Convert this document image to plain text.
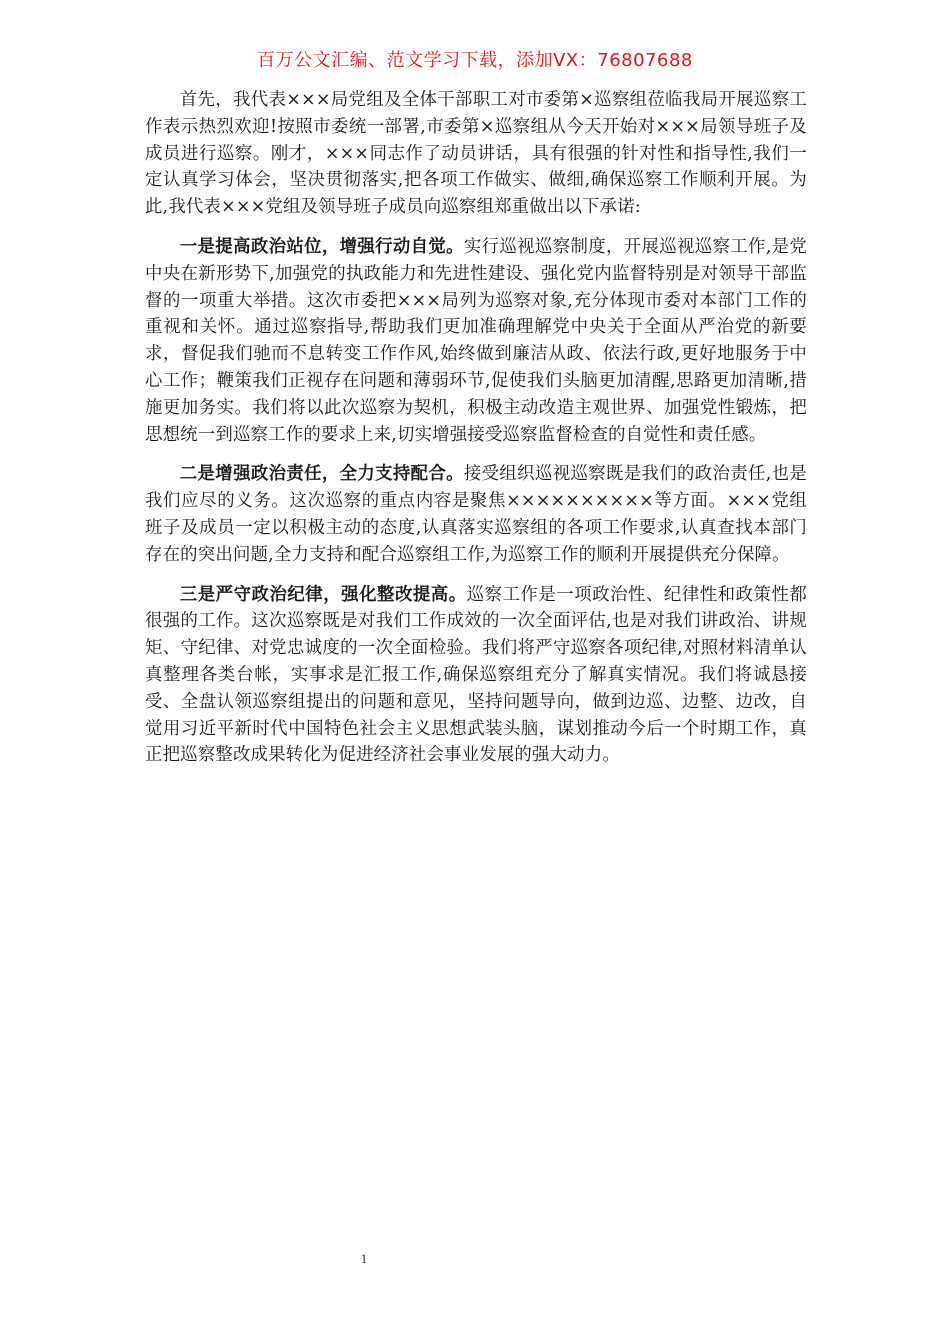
百万公文汇编、范文学习下载，添加VX：76807688

首先，我代表×××局党组及全体干部职工对市委第×巡察组莅临我局开展巡察工作表示热烈欢迎!按照市委统一部署,市委第×巡察组从今天开始对×××局领导班子及成员进行巡察。刚才，×××同志作了动员讲话，具有很强的针对性和指导性,我们一定认真学习体会，坚决贯彻落实,把各项工作做实、做细,确保巡察工作顺利开展。为此,我代表×××党组及领导班子成员向巡察组郑重做出以下承诺:

一是提高政治站位，增强行动自觉。实行巡视巡察制度，开展巡视巡察工作,是党中央在新形势下,加强党的执政能力和先进性建设、强化党内监督特别是对领导干部监督的一项重大举措。这次市委把×××局列为巡察对象,充分体现市委对本部门工作的重视和关怀。通过巡察指导,帮助我们更加准确理解党中央关于全面从严治党的新要求，督促我们驰而不息转变工作作风,始终做到廉洁从政、依法行政,更好地服务于中心工作；鞭策我们正视存在问题和薄弱环节,促使我们头脑更加清醒,思路更加清晰,措施更加务实。我们将以此次巡察为契机，积极主动改造主观世界、加强党性锻炼，把思想统一到巡察工作的要求上来,切实增强接受巡察监督检查的自觉性和责任感。

二是增强政治责任，全力支持配合。接受组织巡视巡察既是我们的政治责任,也是我们应尽的义务。这次巡察的重点内容是聚焦××××××××××等方面。×××党组班子及成员一定以积极主动的态度,认真落实巡察组的各项工作要求,认真查找本部门存在的突出问题,全力支持和配合巡察组工作,为巡察工作的顺利开展提供充分保障。

三是严守政治纪律，强化整改提高。巡察工作是一项政治性、纪律性和政策性都很强的工作。这次巡察既是对我们工作成效的一次全面评估,也是对我们讲政治、讲规矩、守纪律、对党忠诚度的一次全面检验。我们将严守巡察各项纪律,对照材料清单认真整理各类台帐，实事求是汇报工作,确保巡察组充分了解真实情况。我们将诚恳接受、全盘认领巡察组提出的问题和意见，坚持问题导向，做到边巡、边整、边改，自觉用习近平新时代中国特色社会主义思想武装头脑，谋划推动今后一个时期工作，真正把巡察整改成果转化为促进经济社会事业发展的强大动力。

1
